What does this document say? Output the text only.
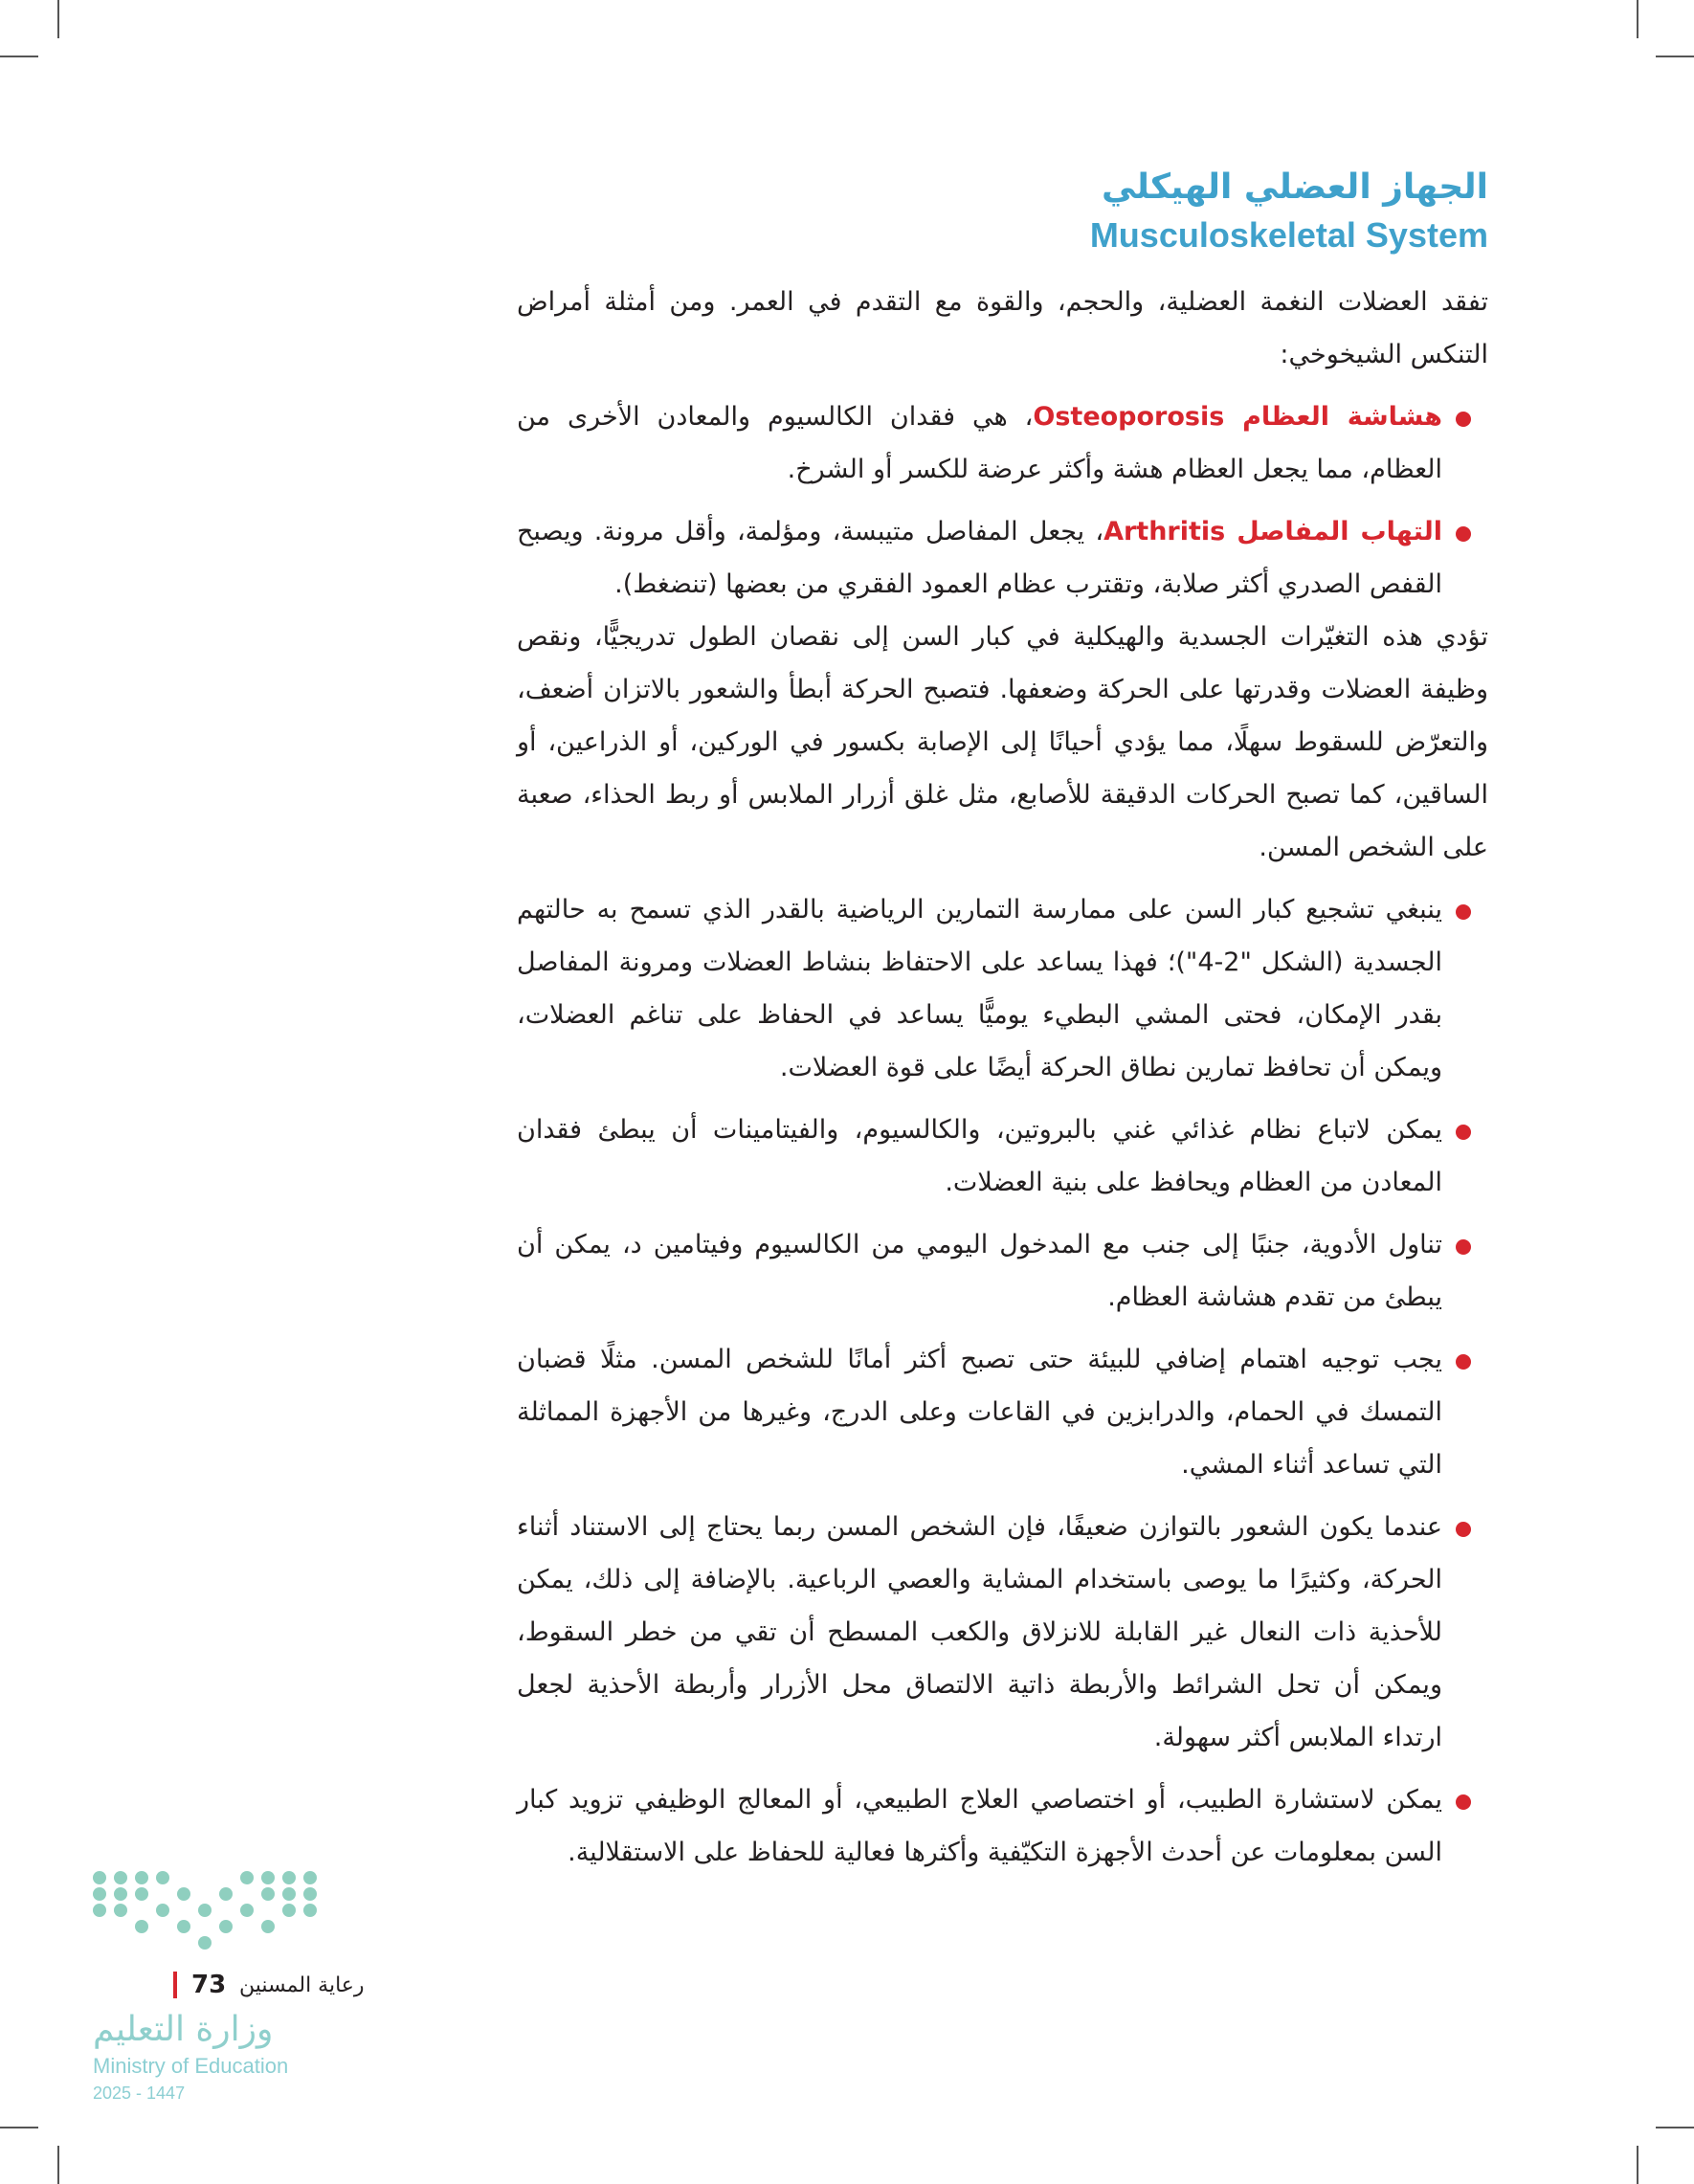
الجهاز العضلي الهيكلي
Musculoskeletal System

تفقد العضلات النغمة العضلية، والحجم، والقوة مع التقدم في العمر. ومن أمثلة أمراض التنكس الشيخوخي:

هشاشة العظام Osteoporosis، هي فقدان الكالسيوم والمعادن الأخرى من العظام، مما يجعل العظام هشة وأكثر عرضة للكسر أو الشرخ.

التهاب المفاصل Arthritis، يجعل المفاصل متيبسة، ومؤلمة، وأقل مرونة. ويصبح القفص الصدري أكثر صلابة، وتقترب عظام العمود الفقري من بعضها (تنضغط).

تؤدي هذه التغيّرات الجسدية والهيكلية في كبار السن إلى نقصان الطول تدريجيًّا، ونقص وظيفة العضلات وقدرتها على الحركة وضعفها. فتصبح الحركة أبطأ والشعور بالاتزان أضعف، والتعرّض للسقوط سهلًا، مما يؤدي أحيانًا إلى الإصابة بكسور في الوركين، أو الذراعين، أو الساقين، كما تصبح الحركات الدقيقة للأصابع، مثل غلق أزرار الملابس أو ربط الحذاء، صعبة على الشخص المسن.

ينبغي تشجيع كبار السن على ممارسة التمارين الرياضية بالقدر الذي تسمح به حالتهم الجسدية (الشكل "2-4")؛ فهذا يساعد على الاحتفاظ بنشاط العضلات ومرونة المفاصل بقدر الإمكان، فحتى المشي البطيء يوميًّا يساعد في الحفاظ على تناغم العضلات، ويمكن أن تحافظ تمارين نطاق الحركة أيضًا على قوة العضلات.

يمكن لاتباع نظام غذائي غني بالبروتين، والكالسيوم، والفيتامينات أن يبطئ فقدان المعادن من العظام ويحافظ على بنية العضلات.

تناول الأدوية، جنبًا إلى جنب مع المدخول اليومي من الكالسيوم وفيتامين د، يمكن أن يبطئ من تقدم هشاشة العظام.

يجب توجيه اهتمام إضافي للبيئة حتى تصبح أكثر أمانًا للشخص المسن. مثلًا قضبان التمسك في الحمام، والدرابزين في القاعات وعلى الدرج، وغيرها من الأجهزة المماثلة التي تساعد أثناء المشي.

عندما يكون الشعور بالتوازن ضعيفًا، فإن الشخص المسن ربما يحتاج إلى الاستناد أثناء الحركة، وكثيرًا ما يوصى باستخدام المشاية والعصي الرباعية. بالإضافة إلى ذلك، يمكن للأحذية ذات النعال غير القابلة للانزلاق والكعب المسطح أن تقي من خطر السقوط، ويمكن أن تحل الشرائط والأربطة ذاتية الالتصاق محل الأزرار وأربطة الأحذية لجعل ارتداء الملابس أكثر سهولة.

يمكن لاستشارة الطبيب، أو اختصاصي العلاج الطبيعي، أو المعالج الوظيفي تزويد كبار السن بمعلومات عن أحدث الأجهزة التكيّفية وأكثرها فعالية للحفاظ على الاستقلالية.

73 رعاية المسنين
وزارة التعليم
Ministry of Education
2025 - 1447
